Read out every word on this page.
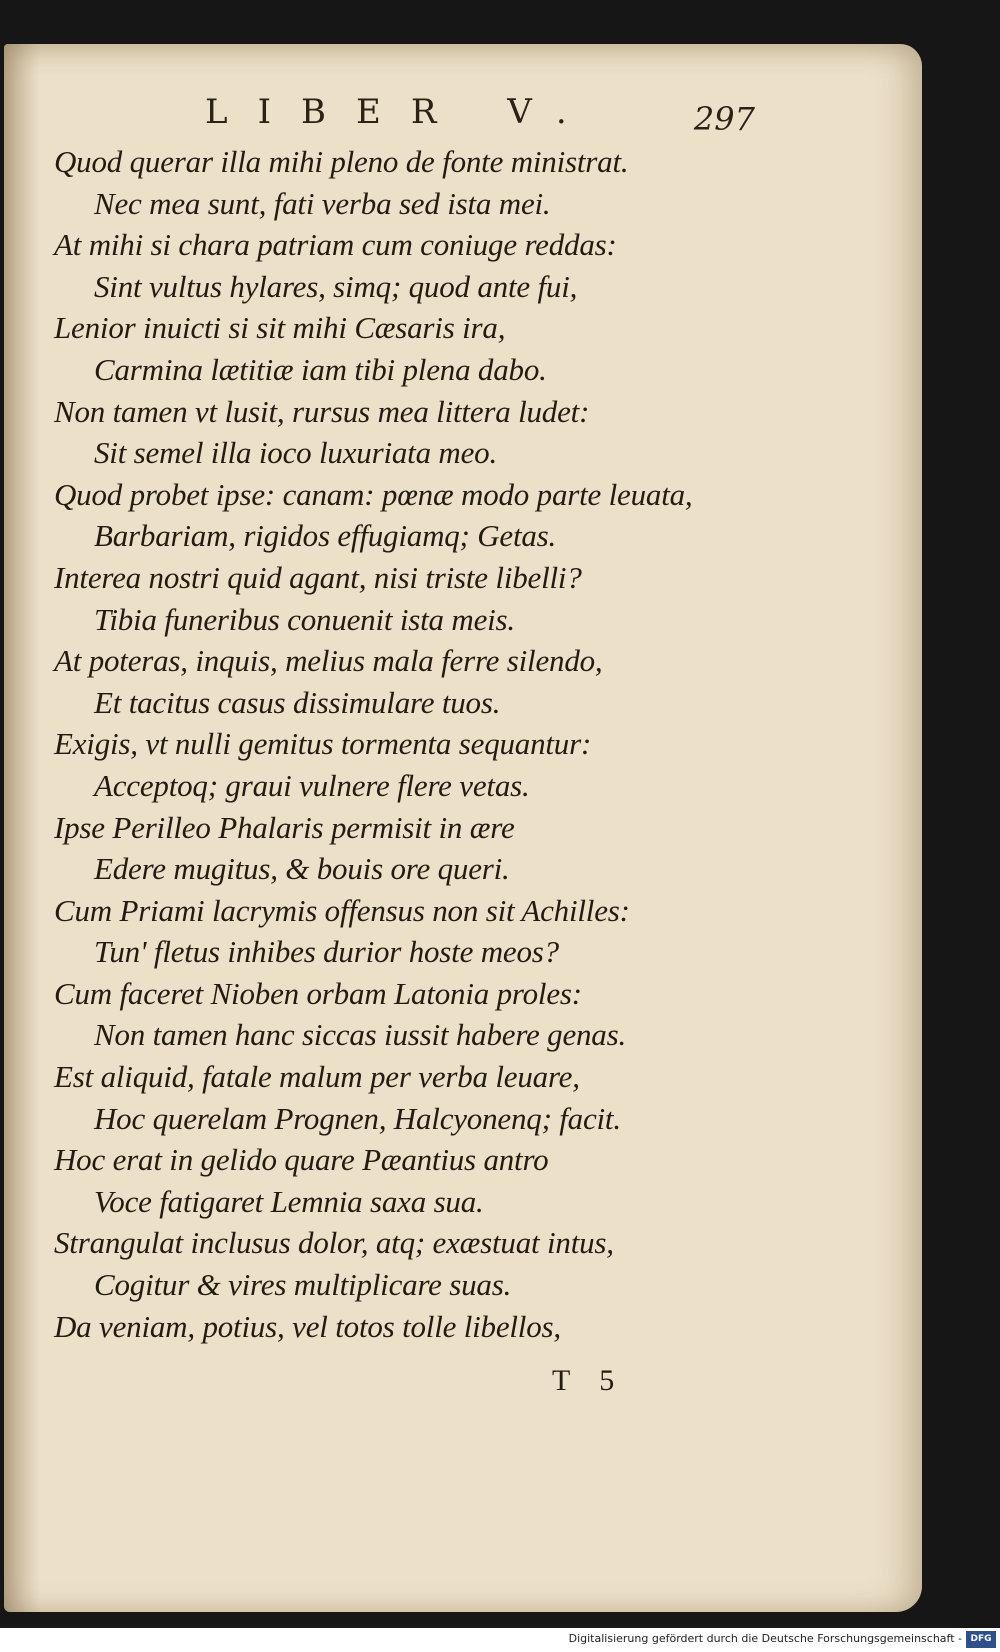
LIBER V.	297
Quod querar illa mihi pleno de fonte ministrat.
Nec mea sunt, fati verba sed ista mei.
At mihi si chara patriam cum coniuge reddas:
Sint vultus hylares, simq; quod ante fui,
Lenior inuicti si sit mihi Cæsaris ira,
Carmina lætitiæ iam tibi plena dabo.
Non tamen vt lusit, rursus mea littera ludet:
Sit semel illa ioco luxuriata meo.
Quod probet ipse: canam: pœnæ modo parte leuata,
Barbariam, rigidos effugiamq; Getas.
Interea nostri quid agant, nisi triste libelli?
Tibia funeribus conuenit ista meis.
At poteras, inquis, melius mala ferre silendo,
Et tacitus casus dissimulare tuos.
Exigis, vt nulli gemitus tormenta sequantur:
Acceptoq; graui vulnere flere vetas.
Ipse Perilleo Phalaris permisit in ære
Edere mugitus, & bouis ore queri.
Cum Priami lacrymis offensus non sit Achilles:
Tun' fletus inhibes durior hoste meos?
Cum faceret Nioben orbam Latonia proles:
Non tamen hanc siccas iussit habere genas.
Est aliquid, fatale malum per verba leuare,
Hoc querelam Prognen, Halcyonenq; facit.
Hoc erat in gelido quare Pæantius antro
Voce fatigaret Lemnia saxa sua.
Strangulat inclusus dolor, atq; exæstuat intus,
Cogitur & vires multiplicare suas.
Da veniam, potius, vel totos tolle libellos,
T 5
Digitalisierung gefördert durch die Deutsche Forschungsgemeinschaft - DFG
